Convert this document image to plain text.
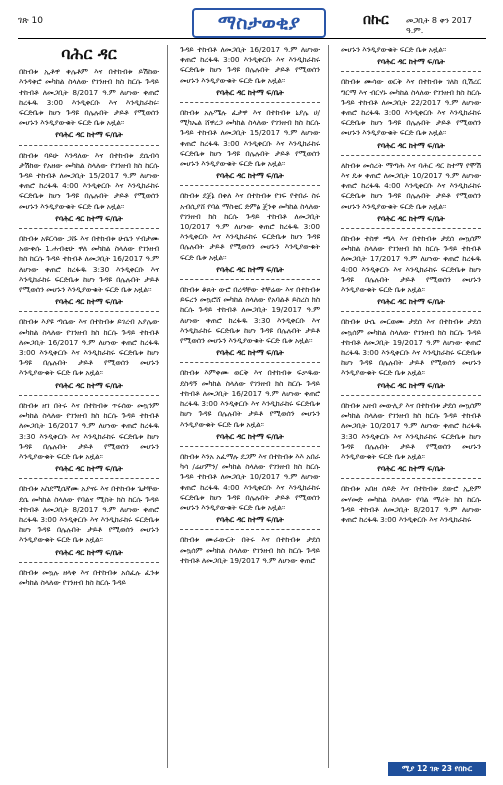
ገጽ 10	ማስታወቂያ	በኩር መጋቢት 8 ቀን 2017 ዓ.ም.
ባሕር ዳር
በከብቱ ኢቶዋ ቀሌቶም እና በተከብቱ ይሽከው እንዳቀሮ መካከል ስላለው የገንዘብ ክስ ከርሱ ጉዳይ ተከብቶ ለመጋቢት 8/2017 ዓ.ም ለሆነው ቀጠሮ ከረፋዱ 3:00 እንዲቀርቡ እና እንዲከራከሩ፡ ፍርድቤቱ ከሆነ ጉዳዩ በሌሉበት ታይቶ የሚወሰን መሆኑን እንዲያውቁት ፍርድ ቤቱ አዟል፡፡
የባሕር ዳር ከተማ ፍ/ቤት
በከብቱ ባይሁ እንዳለው እና በተከብቱ ደሴብሳ ታሽከው የአዘው መካከል ስላለው የገንዘብ ክስ ከርሱ ጉዳይ ተከብቶ ለመጋቢት 15/2017 ዓ.ም ለሆነው ቀጠሮ ከረፋዱ 4:00 እንዲቀርቡ እና እንዲከራከሩ ፍርድቤቱ ከሆነ ጉዳዩ በሌሉበት ታይቶ የሚወሰን መሆኑን እንዲያውቁት ፍርድ ቤቱ አዟል፡፡
የባሕር ዳር ከተማ ፍ/ቤት
በከብቱ አዩርሳው ጋሹ እና በተከብቱ ሁሴን ሃብታሙ አውቀሱ 1.ሐብቲሁ ዋለ መካከል ስላለው የገንዘብ ክስ ከርሱ ጉዳይ ተከብቶ ለመጋቢት 16/2017 ዓ.ም ለሆነው ቀጠሮ ከረፋዱ 3:30 እንዲቀርቡ እና እንዲከራከሩ ፍርድቤቱ ከሆነ ጉዳዩ በሌሉበት ታይቶ የሚወሰን መሆኑን እንዲያውቁት ፍርድ ቤቱ አዟል፡፡
የባሕር ዳር ከተማ ፍ/ቤት
በከብቱ እያዩ ጣሴው እና በተከብቱ ይገረብ አያሌው መካከል ስላለው የገንዘብ ክስ ከርሱ ጉዳይ ተከብቶ ለመጋቢት 16/2017 ዓ.ም ለሆነው ቀጠሮ ከረፋዱ 3:00 እንዲቀርቡ እና እንዲከራከሩ ፍርድቤቱ ከሆነ ጉዳዩ በሌሉበት ታይቶ የሚወሰን መሆኑን እንዲያውቁት ፍርድ ቤቱ አዟል፡፡
የባሕር ዳር ከተማ ፍ/ቤት
በከብቱ ዘገ በትሩ እና በተከብቱ ጥሩሰው መኳንም መካከል ስላለው የገንዘብ ክስ ከርሱ ጉዳይ ተከብቶ ለመጋቢት 16/2017 ዓ.ም ለሆነው ቀጠሮ ከረፋዱ 3:30 እንዲቀርቡ እና እንዲከራከሩ ፍርድቤቱ ከሆነ ጉዳዩ በሌሉበት ታይቶ የሚወሰን መሆኑን እንዲያውቁት ፍርድ ቤቱ አዟል፡፡
የባሕር ዳር ከተማ ፍ/ቤት
በከብቱ አስደሚሴኛሙ አያናሩ እና በተከብቱ ጌታቸው ደሴ መካከል ስላለው የባልና ሚስት ክስ ከርሱ ጉዳይ ተከብቶ ለመጋቢት 8/2017 ዓ.ም ለሆነው ቀጠሮ ከረፋዱ 3:00 እንዲቀርቡ እና እንዲከራከሩ ፍርድቤቱ ከሆነ ጉዳዩ በሌሉበት ታይቶ የሚወሰን መሆኑን እንዲያውቁት ፍርድ ቤቱ አዟል፡፡
የባሕር ዳር ከተማ ፍ/ቤት
በከብቱ መኳሉ ዘላቀ እና በተከብቱ አሰፈሉ ፈንቱ መካከል ስላለው የገንዘብ ክስ ከርሱ ጉዳይ
ጉዳይ ተከብቶ ለመጋቢት 16/2017 ዓ.ም ለሆነው ቀጠሮ ከረፋዱ 3:00 እንዲቀርቡ እና እንዲከራከሩ ፍርድቤቱ ከሆነ ጉዳዩ በሌሉበት ታይቶ የሚወሰን መሆኑን እንዲያውቁት ፍርድ ቤቱ አዟል፡፡
የባሕር ዳር ከተማ ፍ/ቤት
በከብቱ አሉሜሉ ፈታዋ እና በተከብቱ ኒያሌ ሀ/ሚካኤል ሸዋረጋ መካከል ስላለው የገንዘብ ክስ ከርሱ ጉዳይ ተከብቶ ለመጋቢት 15/2017 ዓ.ም ለሆነው ቀጠሮ ከረፋዱ 3:00 እንዲቀርቡ እና እንዲከራከሩ ፍርድቤቱ ከሆነ ጉዳዩ በሌሉበት ታይቶ የሚወሰን መሆኑን እንዲያውቁት ፍርድ ቤቱ አዟል፡፡
የባሕር ዳር ከተማ ፍ/ቤት
በከብቱ ደጀኔ በቀለ እና በተከብቱ የገፍ የተበራ ስሩ አብሲያሸ የባል ማስቲር ድምፅ ጄንቀ መካከል ስላለው የገንዘብ ክስ ከርሱ ጉዳይ ተከብቶ ለመጋቢት 10/2017 ዓ.ም ለሆነው ቀጠሮ ከረፋዱ 3:00 እንዲቀርቡ እና እንዲከራከሩ ፍርድቤቱ ከሆነ ጉዳዩ በሌሉበት ታይቶ የሚወሰን መሆኑን እንዲያውቁት ፍርድ ቤቱ አዟል፡፡
የባሕር ዳር ከተማ ፍ/ቤት
በከብቱ ቆጸት ውሮ በረዳቸው ተቸሬው እና በተከብቱ ይፍረን መኳሮሸ መካከል ስላለው የአባልቶ ይስረስ ክስ ከርሱ ጉዳይ ተከብቶ ለመጋቢት 19/2017 ዓ.ም ለሆነው ቀጠሮ ከረፋዱ 3:30 እንዲቀርቡ እና እንዲከራከሩ ፍርድቤቱ ከሆነ ጉዳዩ በሌሉበት ታይቶ የሚወሰን መሆኑን እንዲያውቁት ፍርድ ቤቱ አዟል፡፡
የባሕር ዳር ከተማ ፍ/ቤት
በከብቱ እምቀሙ ወርቅ እና በተከብቱ ፍቃዱው ደስዳኝ መካከል ስላለው የገንዘብ ክስ ከርሱ ጉዳይ ተከብቶ ለመጋቢት 16/2017 ዓ.ም ለሆነው ቀጠሮ ከረፋዱ 3:00 እንዲቀርቡ እና እንዲከራከሩ ፍርድቤቱ ከሆነ ጉዳዩ በሌሉበት ታይቶ የሚወሰን መሆኑን እንዲያውቁት ፍርድ ቤቱ አዟል፡፡
የባሕር ዳር ከተማ ፍ/ቤት
በከብቱ እንአ አፈማሉ ደጋም እና በተከብቱ እእ አበራ ካሳ /ሬሆምን/ መካከል ስላለው የገንዘብ ክስ ከርሱ ጉዳይ ተከብቶ ለመጋቢት 10/2017 ዓ.ም ለሆነው ቀጠሮ ከረፋዱ 4:00 እንዲቀርቡ እና እንዲከራከሩ ፍርድቤቱ ከሆነ ጉዳዩ በሌሉበት ታይቶ የሚወሰን መሆኑን እንዲያውቁት ፍርድ ቤቱ አዟል፡፡
የባሕር ዳር ከተማ ፍ/ቤት
በከብቱ ሙራውርት በትሩ እና በተከብቱ ታደሰ መኳሰም መካከል ስላለው የገንዘብ ክስ ከርሱ ጉዳይ ተከብቶ ለመጋቢት 19/2017 ዓ.ም ለሆነው ቀጠሮ
መሆኑን እንዲያውቁት ፍርድ ቤቱ አዟል፡፡
የባሕር ዳር ከተማ ፍ/ቤት
በከብቱ ሙሳው ወርቅ እና በተከብቱ ገለከ ቢሽረር ግርማ እና ብርሃኑ መካከል ስላለው የገንዘብ ክስ ከርሱ ጉዳይ ተከብቶ ለመጋቢት 22/2017 ዓ.ም ለሆነው ቀጠሮ ከረፋዱ 3:00 እንዲቀርቡ እና እንዲከራከሩ ፍርድቤቱ ከሆነ ጉዳዩ በሌሉበት ታይቶ የሚወሰን መሆኑን እንዲያውቁት ፍርድ ቤቱ አዟል፡፡
የባሕር ዳር ከተማ ፍ/ቤት
ለከብቱ መሰረት ማጣሕ እና ባሕር ዳር ከተማ የሞሽ እና ዴቱ ቀጠሮ ለመጋቢት 10/2017 ዓ.ም ለሆነው ቀጠሮ ከረፋዱ 4:00 እንዲቀርቡ እና እንዲከራከሩ ፍርድቤቱ ከሆነ ጉዳዩ በሌሉበት ታይቶ የሚወሰን መሆኑን እንዲያውቁት ፍርድ ቤቱ አዟል፡፡
የባሕር ዳር ከተማ ፍ/ቤት
በከብቱ ተስዋ ጫላ እና በተከብቱ ታደሰ መኳሰም መካከል ስላለው የገንዘብ ክስ ከርሱ ጉዳይ ተከብቶ ለመጋቢት 17/2017 ዓ.ም ለሆነው ቀጠሮ ከረፋዱ 4:00 እንዲቀርቡ እና እንዲከራከሩ ፍርድቤቱ ከሆነ ጉዳዩ በሌሉበት ታይቶ የሚወሰን መሆኑን እንዲያውቁት ፍርድ ቤቱ አዟል፡፡
የባሕር ዳር ከተማ ፍ/ቤት
በከብቱ ሁሴ መርወሙ ታደሰ እና በተከብቱ ታደሰ መኳሰም መካከል ስላለው የገንዘብ ክስ ከርሱ ጉዳይ ተከብቶ ለመጋቢት 19/2017 ዓ.ም ለሆነው ቀጠሮ ከረፋዱ 3:00 እንዲቀርቡ እና እንዲከራከሩ ፍርድቤቱ ከሆነ ጉዳዩ በሌሉበት ታይቶ የሚወሰን መሆኑን እንዲያውቁት ፍርድ ቤቱ አዟል፡፡
የባሕር ዳር ከተማ ፍ/ቤት
በከብቱ አዘብ መውሊያ እና በተከብቱ ታደሰ መኳሰም መካከል ስላለው የገንዘብ ክስ ከርሱ ጉዳይ ተከብቶ ለመጋቢት 10/2017 ዓ.ም ለሆነው ቀጠሮ ከረፋዱ 3:30 እንዲቀርቡ እና እንዲከራከሩ ፍርድቤቱ ከሆነ ጉዳዩ በሌሉበት ታይቶ የሚወሰን መሆኑን እንዲያውቁት ፍርድ ቤቱ አዟል፡፡
የባሕር ዳር ከተማ ፍ/ቤት
በከብቱ አበዘ ሰይድ እና በተከብቱ ደውሮ ኢድም መሃመድ መካከል ስላለው የባል ማሪት ክስ ከርሱ ጉዳይ ተከብቶ ለመጋቢት 8/2017 ዓ.ም ለሆነው ቀጠሮ ከረፋዱ 3:00 እንዲቀርቡ እና እንዲከራከሩ
ሚያ 12 ገጽ 23 የበኩር
